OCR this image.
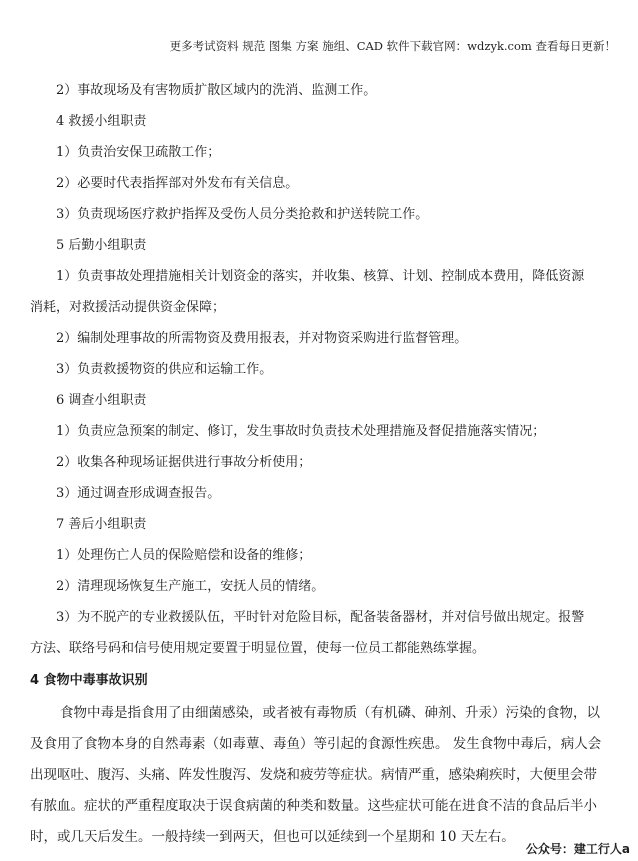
更多考试资料 规范 图集 方案 施组、CAD 软件下载官网：wdzyk.com 查看每日更新！
2）事故现场及有害物质扩散区域内的洗消、监测工作。
4 救援小组职责
1）负责治安保卫疏散工作；
2）必要时代表指挥部对外发布有关信息。
3）负责现场医疗救护指挥及受伤人员分类抢救和护送转院工作。
5 后勤小组职责
1）负责事故处理措施相关计划资金的落实，并收集、核算、计划、控制成本费用，降低资源
消耗，对救援活动提供资金保障；
2）编制处理事故的所需物资及费用报表，并对物资采购进行监督管理。
3）负责救援物资的供应和运输工作。
6 调查小组职责
1）负责应急预案的制定、修订，发生事故时负责技术处理措施及督促措施落实情况；
2）收集各种现场证据供进行事故分析使用；
3）通过调查形成调查报告。
7 善后小组职责
1）处理伤亡人员的保险赔偿和设备的维修；
2）清理现场恢复生产施工，安抚人员的情绪。
3）为不脱产的专业救援队伍，平时针对危险目标，配备装备器材，并对信号做出规定。报警
方法、联络号码和信号使用规定要置于明显位置，使每一位员工都能熟练掌握。
4 食物中毒事故识别
食物中毒是指食用了由细菌感染，或者被有毒物质（有机磷、砷剂、升汞）污染的食物，以
及食用了食物本身的自然毒素（如毒蕈、毒鱼）等引起的食源性疾患。 发生食物中毒后，病人会
出现呕吐、腹泻、头痛、阵发性腹泻、发烧和疲劳等症状。病情严重，感染痢疾时，大便里会带
有脓血。症状的严重程度取决于误食病菌的种类和数量。这些症状可能在进食不洁的食品后半小
时，或几天后发生。一般持续一到两天，但也可以延续到一个星期和 10 天左右。
公众号：建工行人a
